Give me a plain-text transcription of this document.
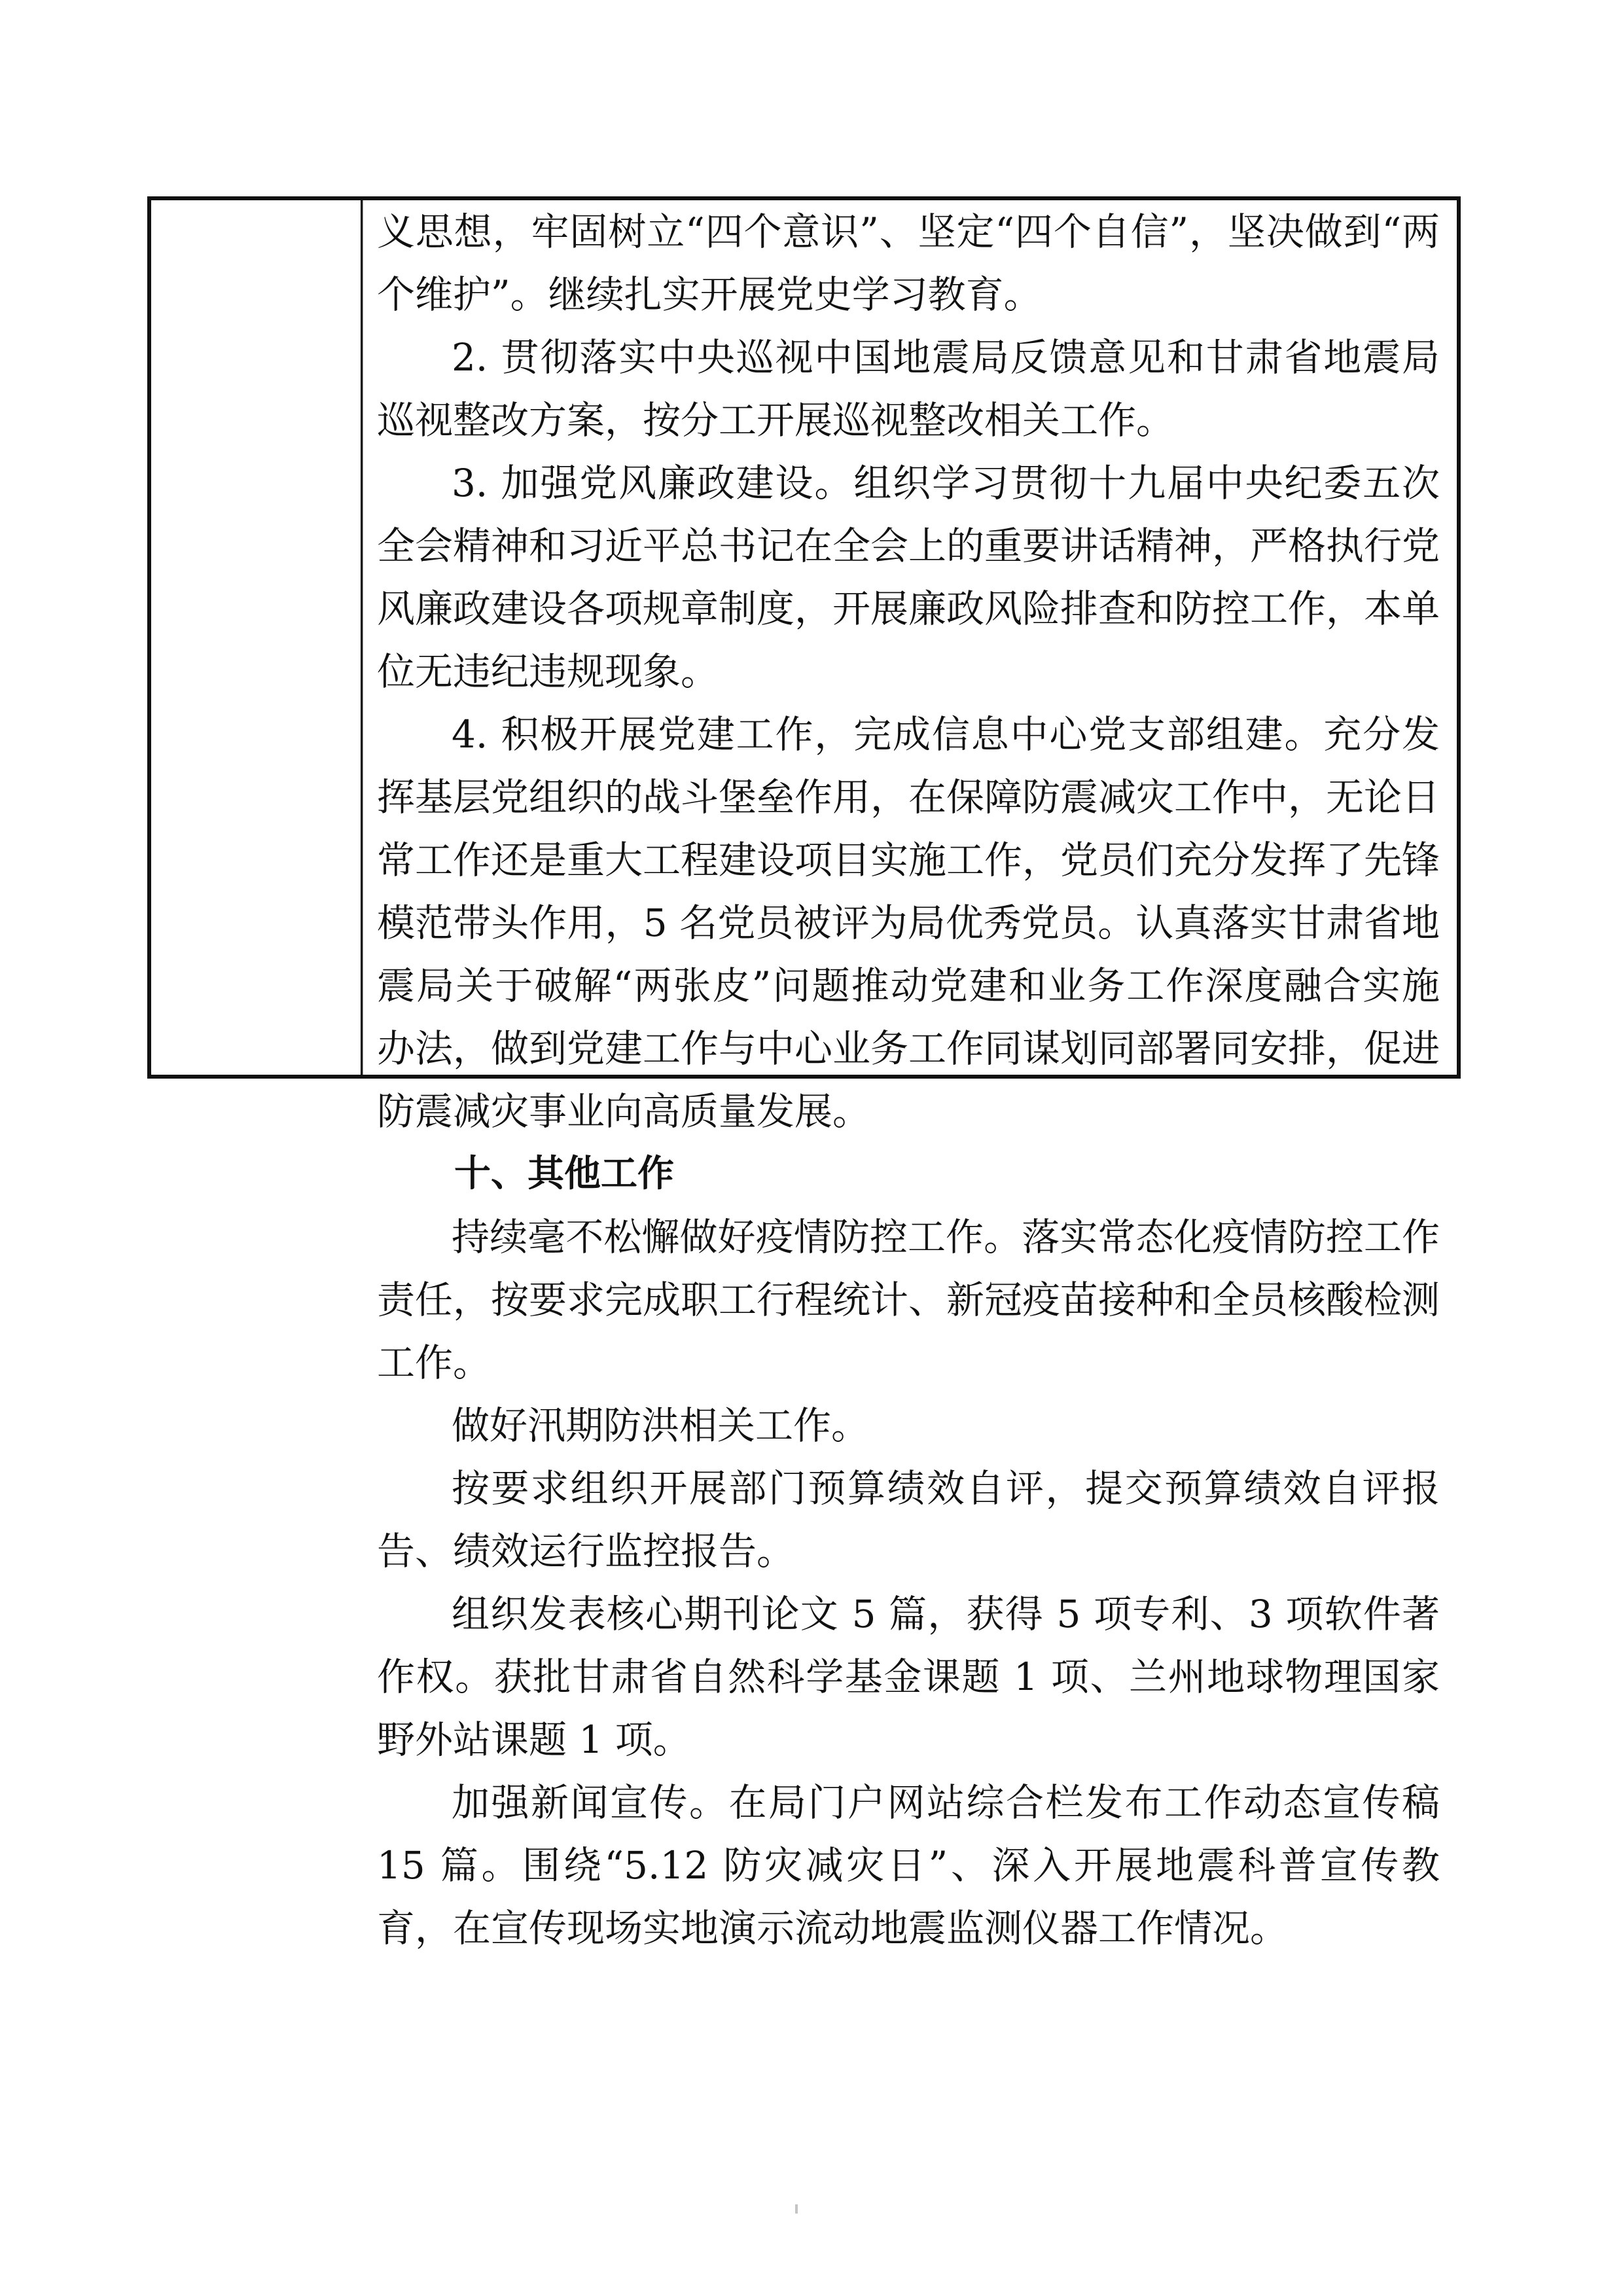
义思想，牢固树立“四个意识”、坚定“四个自信”，坚决做到“两个维护”。继续扎实开展党史学习教育。

2. 贯彻落实中央巡视中国地震局反馈意见和甘肃省地震局巡视整改方案，按分工开展巡视整改相关工作。

3. 加强党风廉政建设。组织学习贯彻十九届中央纪委五次全会精神和习近平总书记在全会上的重要讲话精神，严格执行党风廉政建设各项规章制度，开展廉政风险排查和防控工作，本单位无违纪违规现象。

4. 积极开展党建工作，完成信息中心党支部组建。充分发挥基层党组织的战斗堡垒作用，在保障防震减灾工作中，无论日常工作还是重大工程建设项目实施工作，党员们充分发挥了先锋模范带头作用，5 名党员被评为局优秀党员。认真落实甘肃省地震局关于破解“两张皮”问题推动党建和业务工作深度融合实施办法，做到党建工作与中心业务工作同谋划同部署同安排，促进防震减灾事业向高质量发展。

十、其他工作

持续毫不松懈做好疫情防控工作。落实常态化疫情防控工作责任，按要求完成职工行程统计、新冠疫苗接种和全员核酸检测工作。

做好汛期防洪相关工作。

按要求组织开展部门预算绩效自评，提交预算绩效自评报告、绩效运行监控报告。

组织发表核心期刊论文 5 篇，获得 5 项专利、3 项软件著作权。获批甘肃省自然科学基金课题 1 项、兰州地球物理国家野外站课题 1 项。

加强新闻宣传。在局门户网站综合栏发布工作动态宣传稿 15 篇。围绕“5.12 防灾减灾日”、深入开展地震科普宣传教育，在宣传现场实地演示流动地震监测仪器工作情况。
